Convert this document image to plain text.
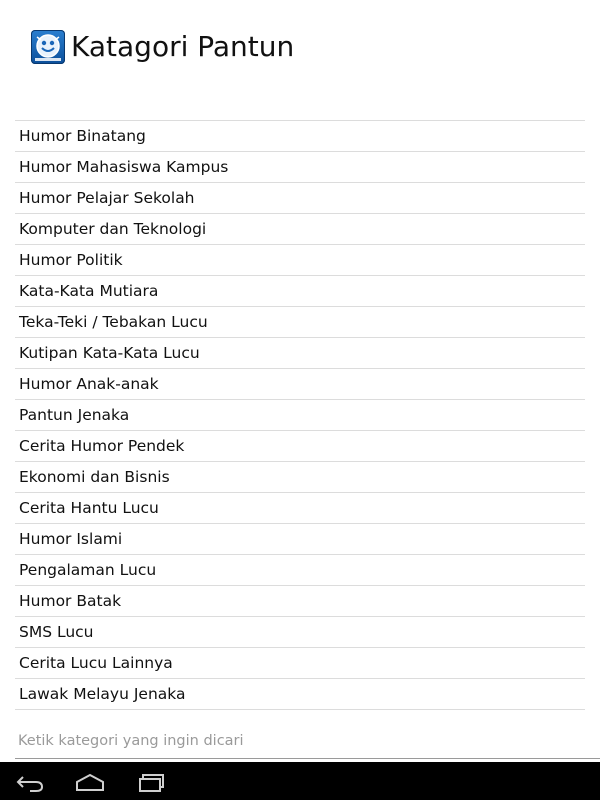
Katagori Pantun
Humor Binatang
Humor Mahasiswa Kampus
Humor Pelajar Sekolah
Komputer dan Teknologi
Humor Politik
Kata-Kata Mutiara
Teka-Teki / Tebakan Lucu
Kutipan Kata-Kata Lucu
Humor Anak-anak
Pantun Jenaka
Cerita Humor Pendek
Ekonomi dan Bisnis
Cerita Hantu Lucu
Humor Islami
Pengalaman Lucu
Humor Batak
SMS Lucu
Cerita Lucu Lainnya
Lawak Melayu Jenaka
Ketik kategori yang ingin dicari
